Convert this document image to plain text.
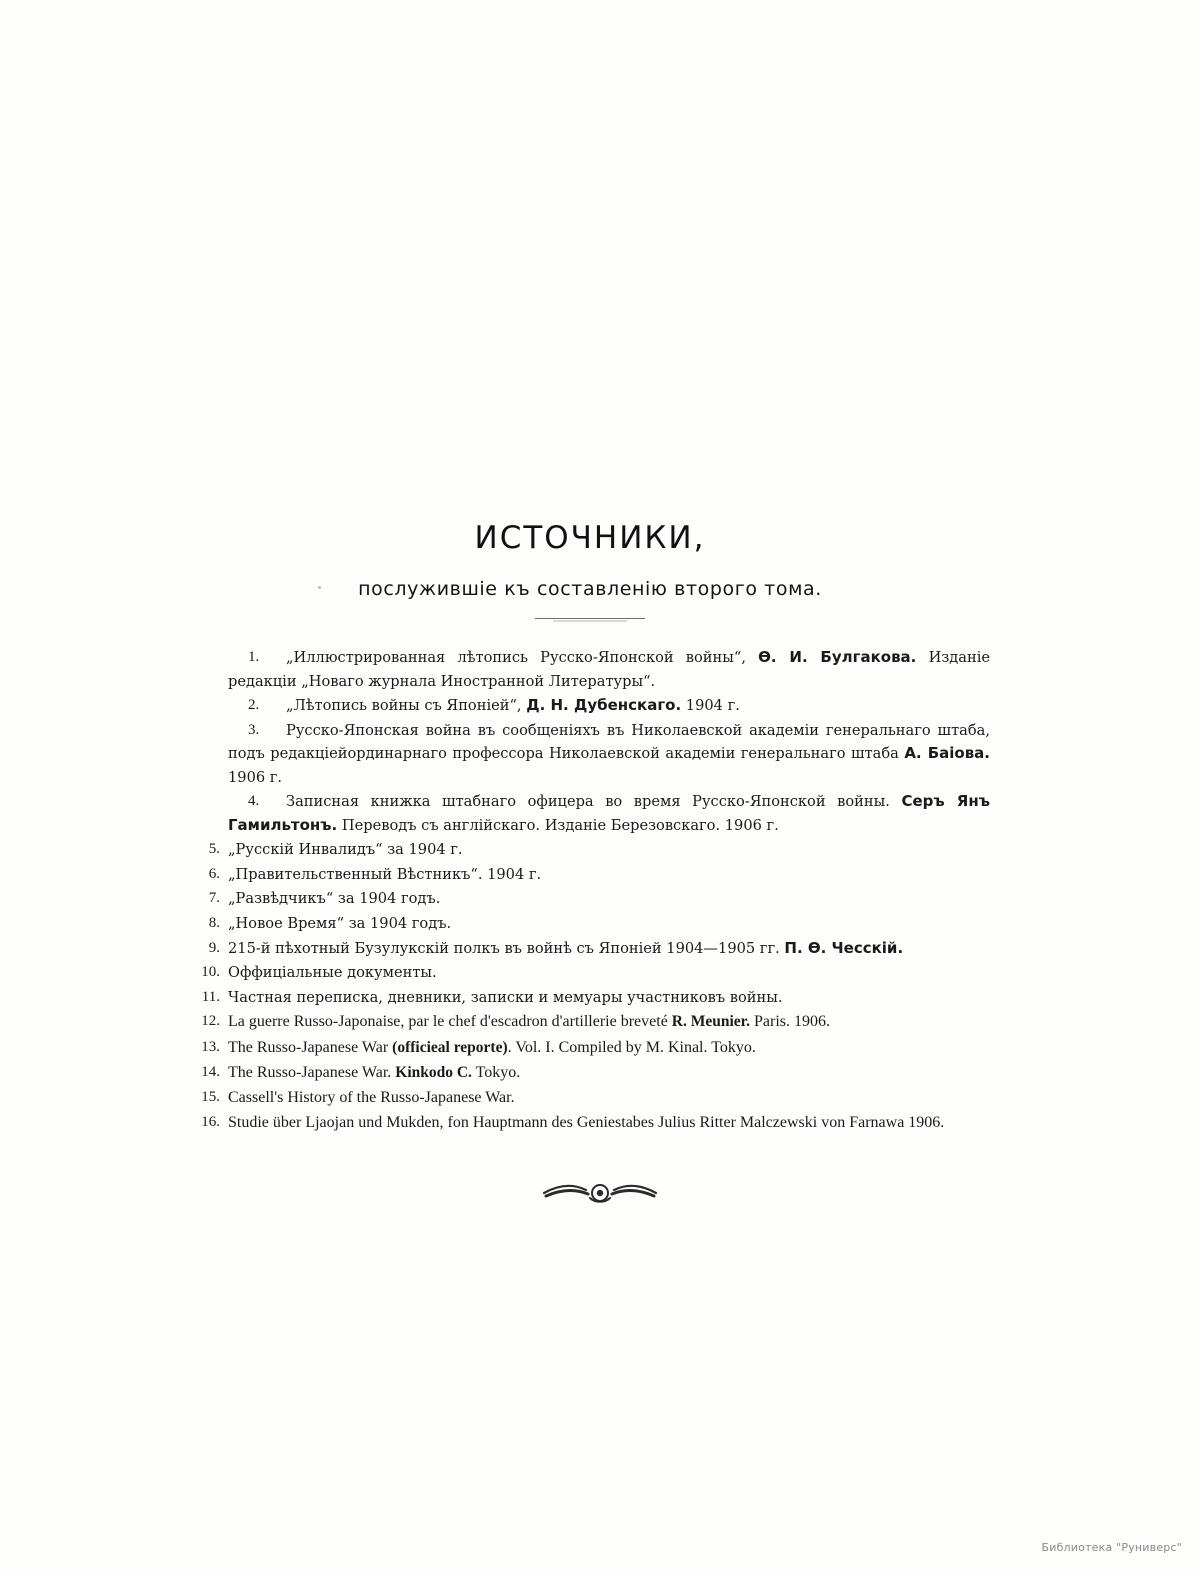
ИСТОЧНИКИ,
послужившіе къ составленію второго тома.
„Иллюстрированная лѣтопись Русско-Японской войны“, Ѳ. И. Булгакова. Изданіе редакціи „Новаго журнала Иностранной Литературы“.
„Лѣтопись войны съ Японіей“, Д. Н. Дубенскаго. 1904 г.
Русско-Японская война въ сообщеніяхъ въ Николаевской академіи генеральнаго штаба, подъ редакціейординарнаго профессора Николаевской академіи генеральнаго штаба А. Баіова. 1906 г.
Записная книжка штабнаго офицера во время Русско-Японской войны. Серъ Янъ Гамильтонъ. Переводъ съ англійскаго. Изданіе Березовскаго. 1906 г.
„Русскій Инвалидъ“ за 1904 г.
„Правительственный Вѣстникъ“. 1904 г.
„Развѣдчикъ“ за 1904 годъ.
„Новое Время“ за 1904 годъ.
215-й пѣхотный Бузулукскій полкъ въ войнѣ съ Японіей 1904—1905 гг. П. Ѳ. Чесскій.
Оффиціальные документы.
Частная переписка, дневники, записки и мемуары участниковъ войны.
La guerre Russo-Japonaise, par le chef d'escadron d'artillerie breveté R. Meunier. Paris. 1906.
The Russo-Japanese War (officieal reporte). Vol. I. Compiled by M. Kinal. Tokyo.
The Russo-Japanese War. Kinkodo C. Tokyo.
Cassell's History of the Russo-Japanese War.
Studie über Ljaojan und Mukden, fon Hauptmann des Geniestabes Julius Ritter Malczewski von Farnawa 1906.
Библиотека "Руниверс"
